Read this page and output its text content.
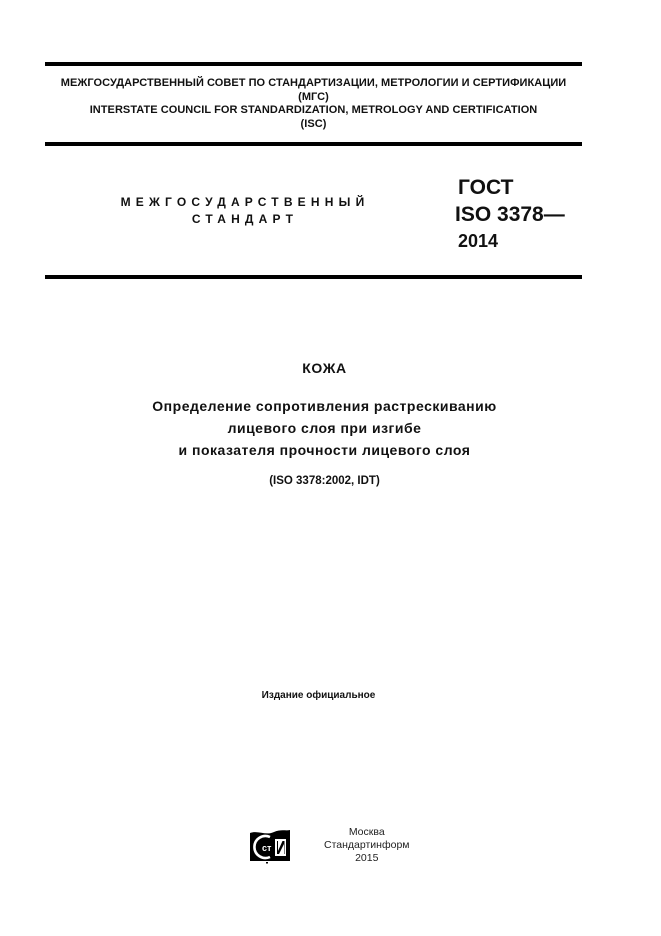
МЕЖГОСУДАРСТВЕННЫЙ СОВЕТ ПО СТАНДАРТИЗАЦИИ, МЕТРОЛОГИИ И СЕРТИФИКАЦИИ
(МГС)
INTERSTATE COUNCIL FOR STANDARDIZATION, METROLOGY AND CERTIFICATION
(ISC)
МЕЖГОСУДАРСТВЕННЫЙ
СТАНДАРТ
ГОСТ
ISO 3378—
2014
КОЖА
Определение сопротивления растрескиванию
лицевого слоя при изгибе
и показателя прочности лицевого слоя
(ISO 3378:2002, IDT)
Издание официальное
ст
Москва
Стандартинформ
2015
